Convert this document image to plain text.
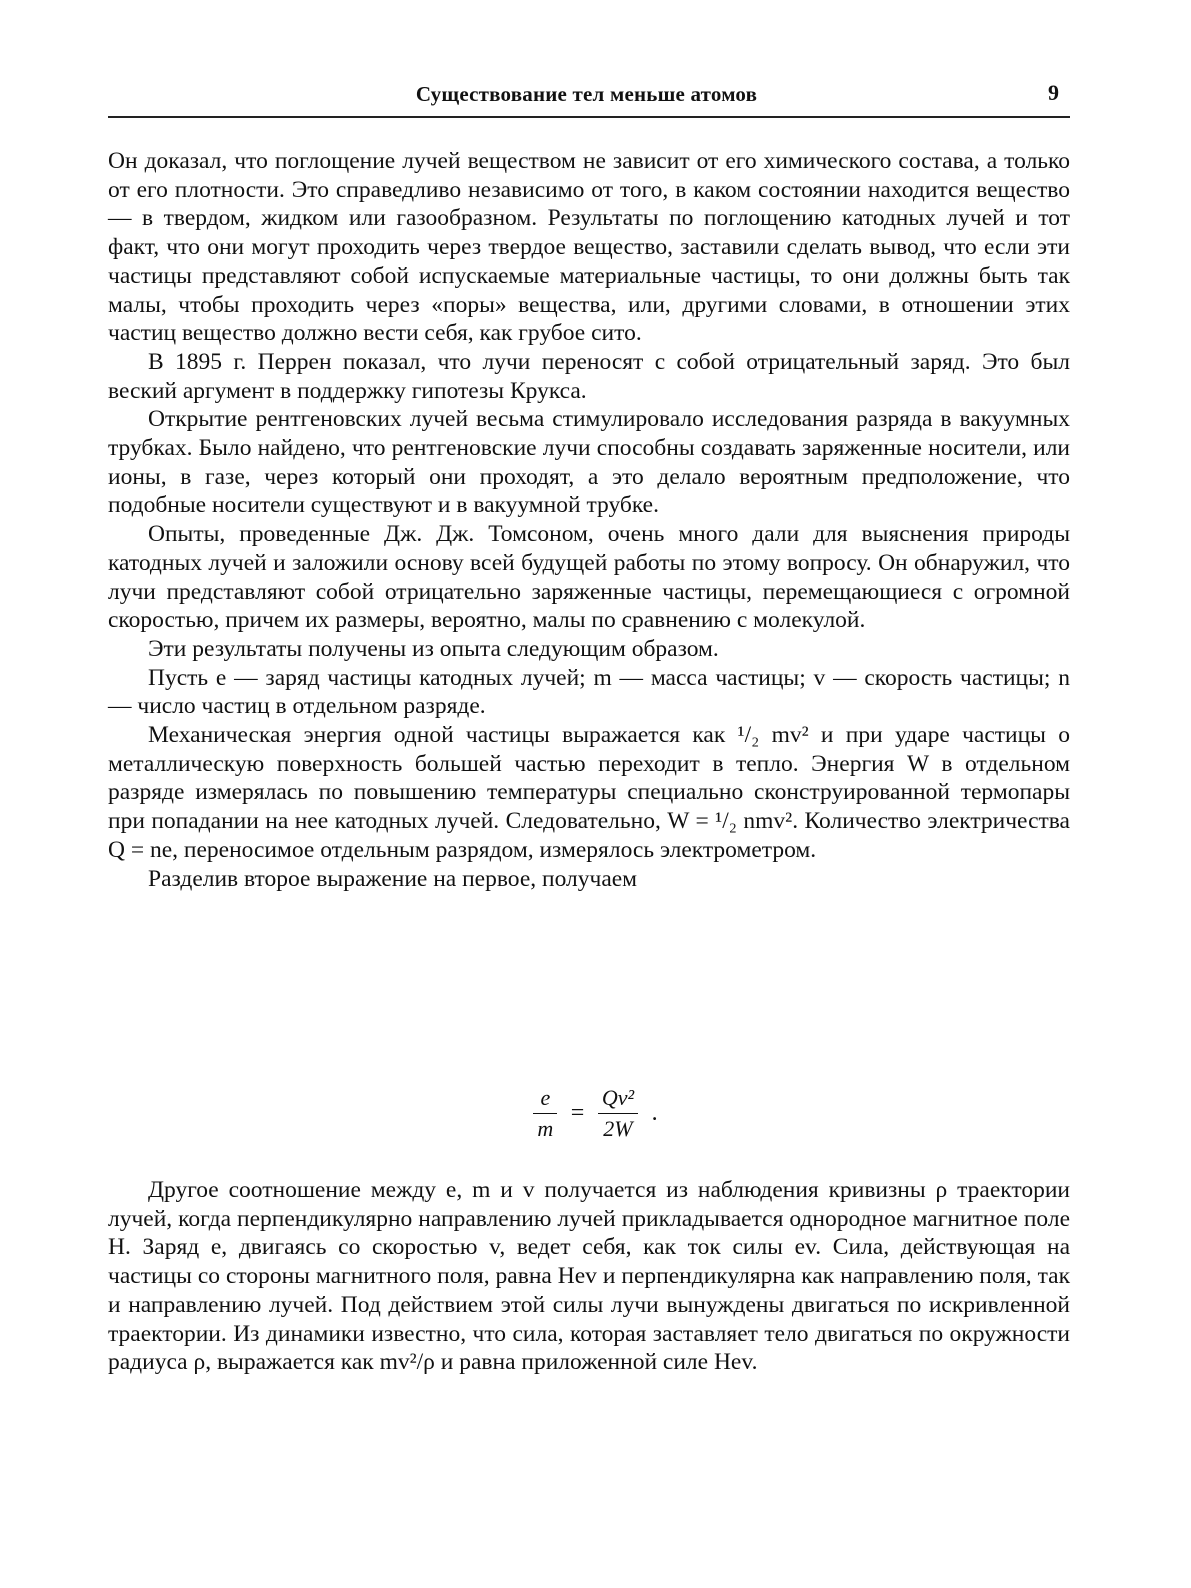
Существование тел меньше атомов	9

Он доказал, что поглощение лучей веществом не зависит от его химического состава, а только от его плотности. Это справедливо независимо от того, в каком состоянии находится вещество — в твердом, жидком или газообразном. Результаты по поглощению катодных лучей и тот факт, что они могут проходить через твердое вещество, заставили сделать вывод, что если эти частицы представляют собой испускаемые материальные частицы, то они должны быть так малы, чтобы проходить через «поры» вещества, или, другими словами, в отношении этих частиц вещество должно вести себя, как грубое сито.

В 1895 г. Перрен показал, что лучи переносят с собой отрицательный заряд. Это был веский аргумент в поддержку гипотезы Крукса.

Открытие рентгеновских лучей весьма стимулировало исследования разряда в вакуумных трубках. Было найдено, что рентгеновские лучи способны создавать заряженные носители, или ионы, в газе, через который они проходят, а это делало вероятным предположение, что подобные носители существуют и в вакуумной трубке.

Опыты, проведенные Дж. Дж. Томсоном, очень много дали для выяснения природы катодных лучей и заложили основу всей будущей работы по этому вопросу. Он обнаружил, что лучи представляют собой отрицательно заряженные частицы, перемещающиеся с огромной скоростью, причем их размеры, вероятно, малы по сравнению с молекулой.

Эти результаты получены из опыта следующим образом.

Пусть e — заряд частицы катодных лучей; m — масса частицы; v — скорость частицы; n — число частиц в отдельном разряде.

Механическая энергия одной частицы выражается как ¹/₂ mv² и при ударе частицы о металлическую поверхность большей частью переходит в тепло. Энергия W в отдельном разряде измерялась по повышению температуры специально сконструированной термопары при попадании на нее катодных лучей. Следовательно, W = ¹/₂ nmv². Количество электричества Q = ne, переносимое отдельным разрядом, измерялось электрометром.

Разделив второе выражение на первое, получаем

$\frac{e}{m} = \frac{\text{Qv²}}{2W}$ .

Другое соотношение между e, m и v получается из наблюдения кривизны ρ траектории лучей, когда перпендикулярно направлению лучей прикладывается однородное магнитное поле H. Заряд e, двигаясь со скоростью v, ведет себя, как ток силы ev. Сила, действующая на частицы со стороны магнитного поля, равна Hev и перпендикулярна как направлению поля, так и направлению лучей. Под действием этой силы лучи вынуждены двигаться по искривленной траектории. Из динамики известно, что сила, которая заставляет тело двигаться по окружности радиуса ρ, выражается как mv²/ρ и равна приложенной силе Hev.
